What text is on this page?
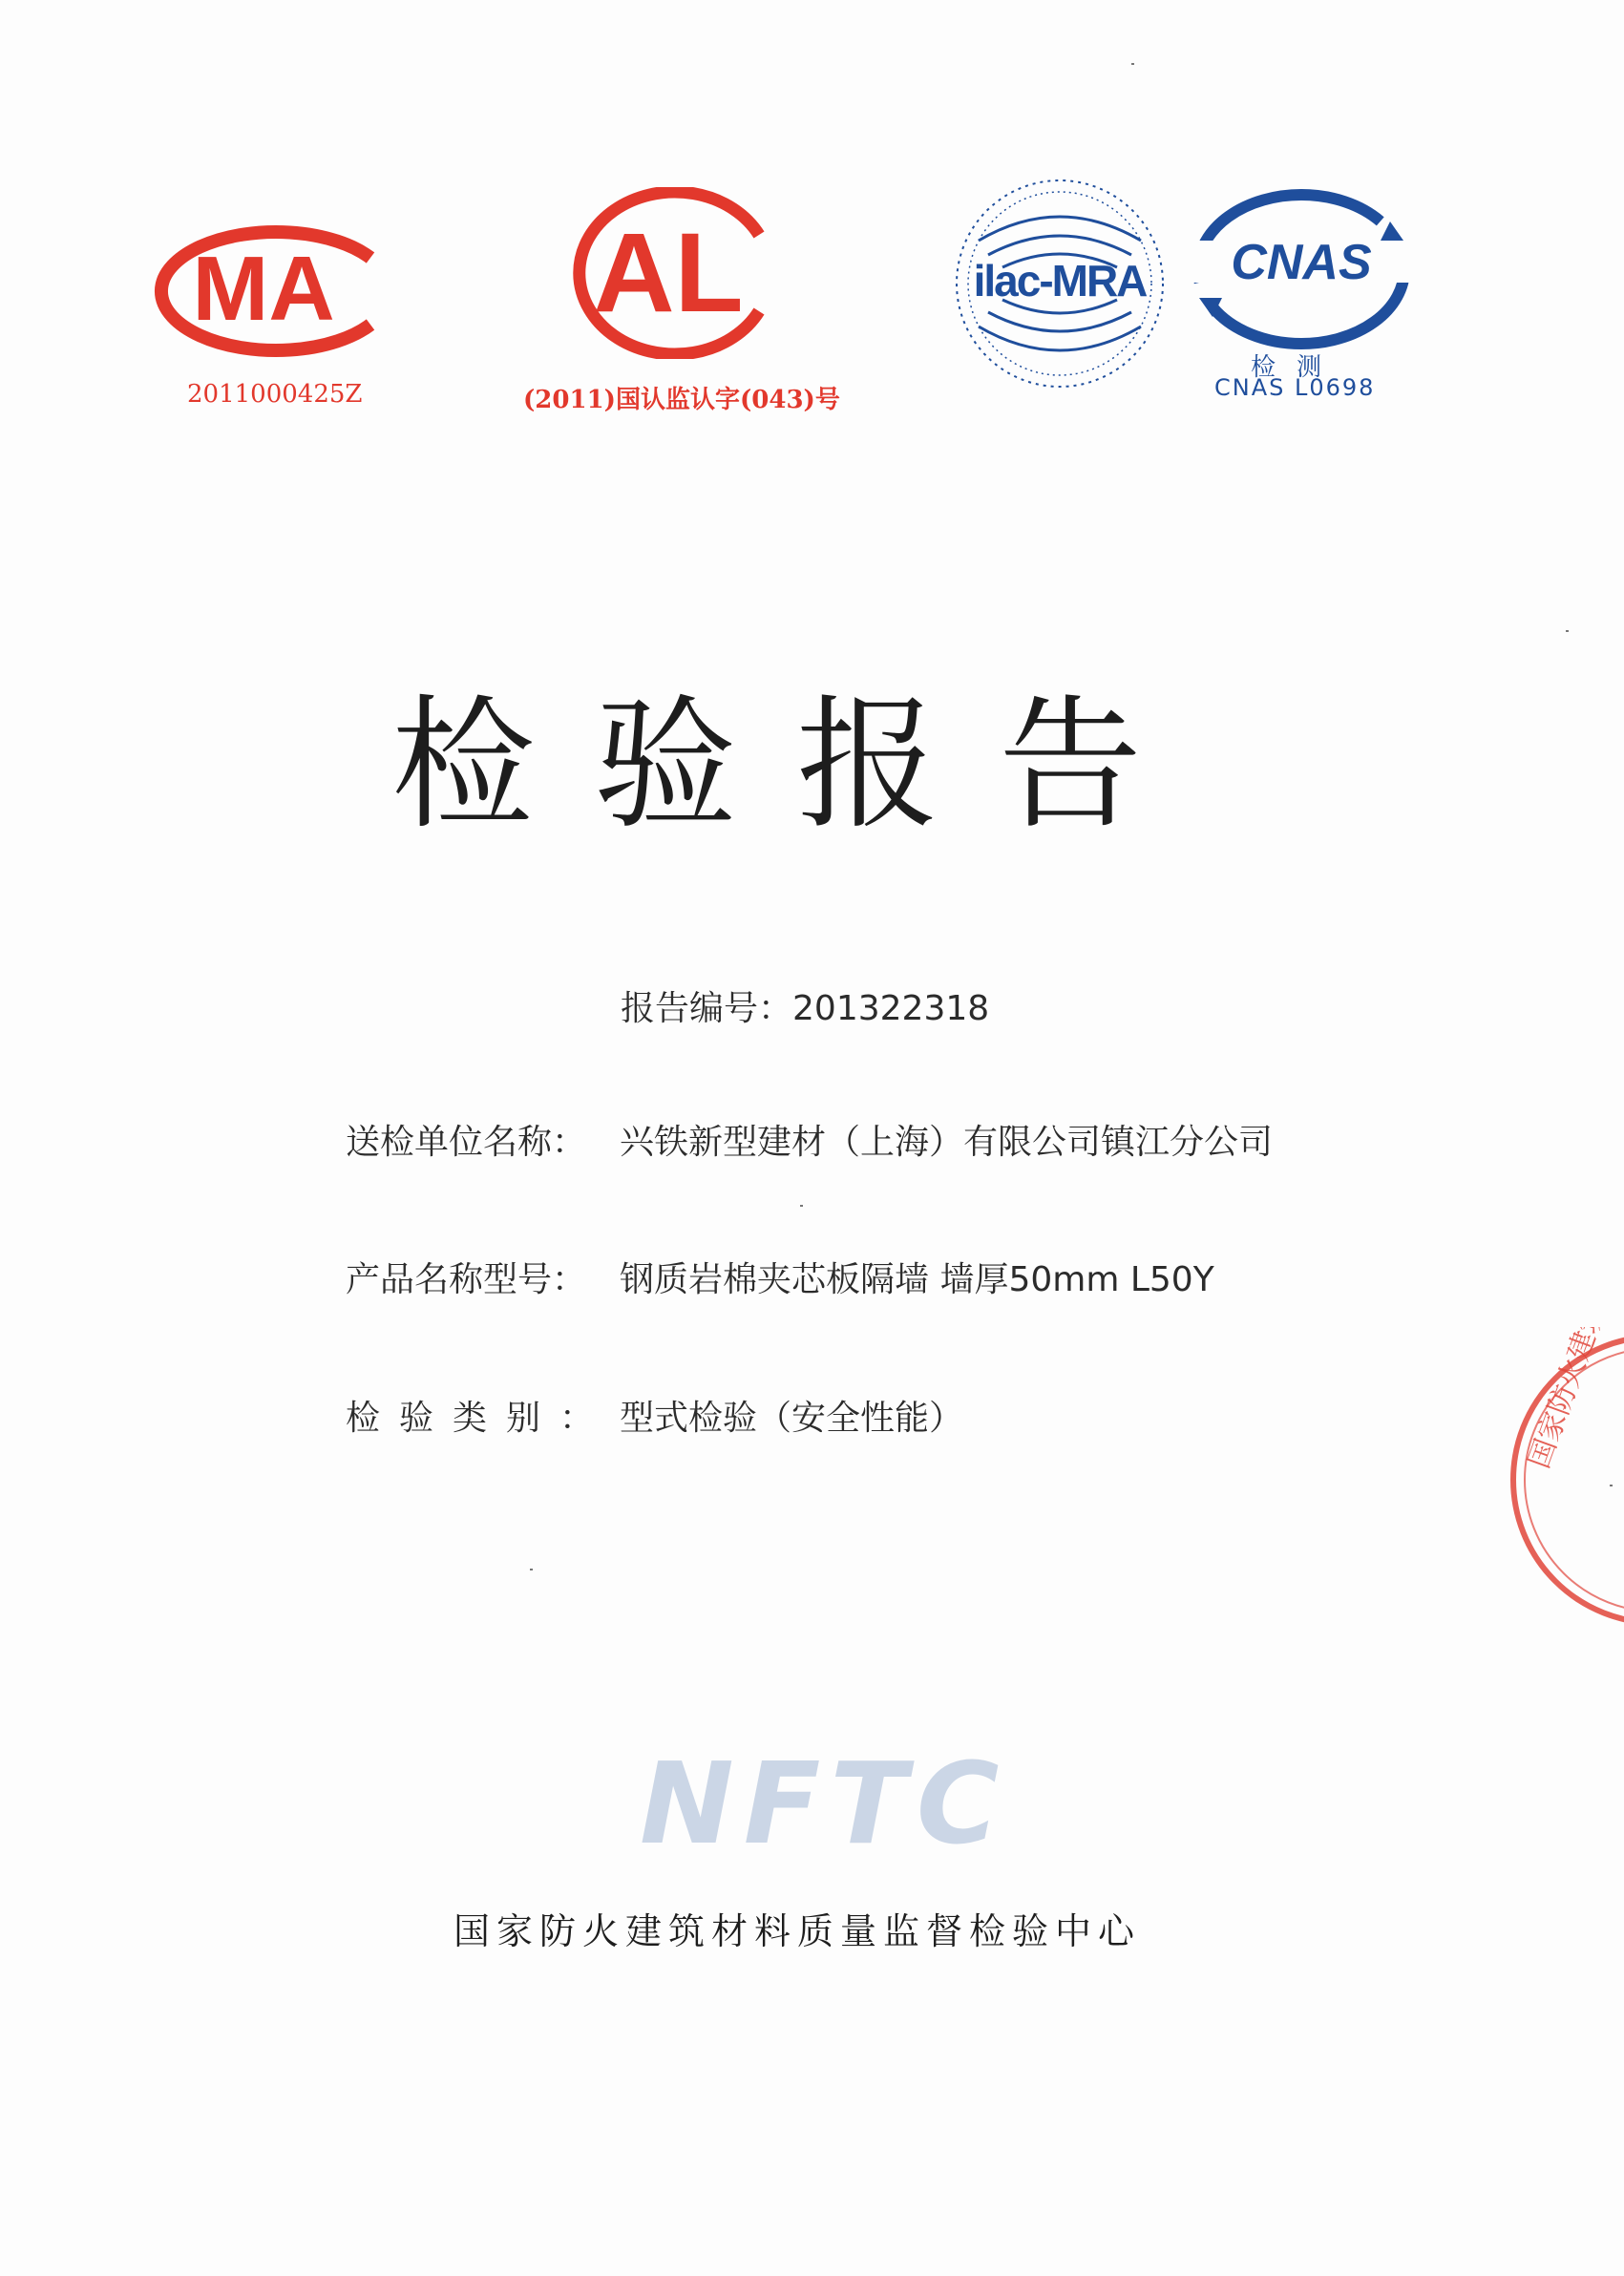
MA
2011000425Z
AL
(2011)国认监认字(043)号
ilac-MRA CNAS
检测
CNAS L0698
检验报告
报告编号：201322318
送检单位名称： 兴铁新型建材（上海）有限公司镇江分公司
产品名称型号： 钢质岩棉夹芯板隔墙 墙厚50mm L50Y
检验类别： 型式检验（安全性能）	国家防火建筑
NFTC
国家防火建筑材料质量监督检验中心
